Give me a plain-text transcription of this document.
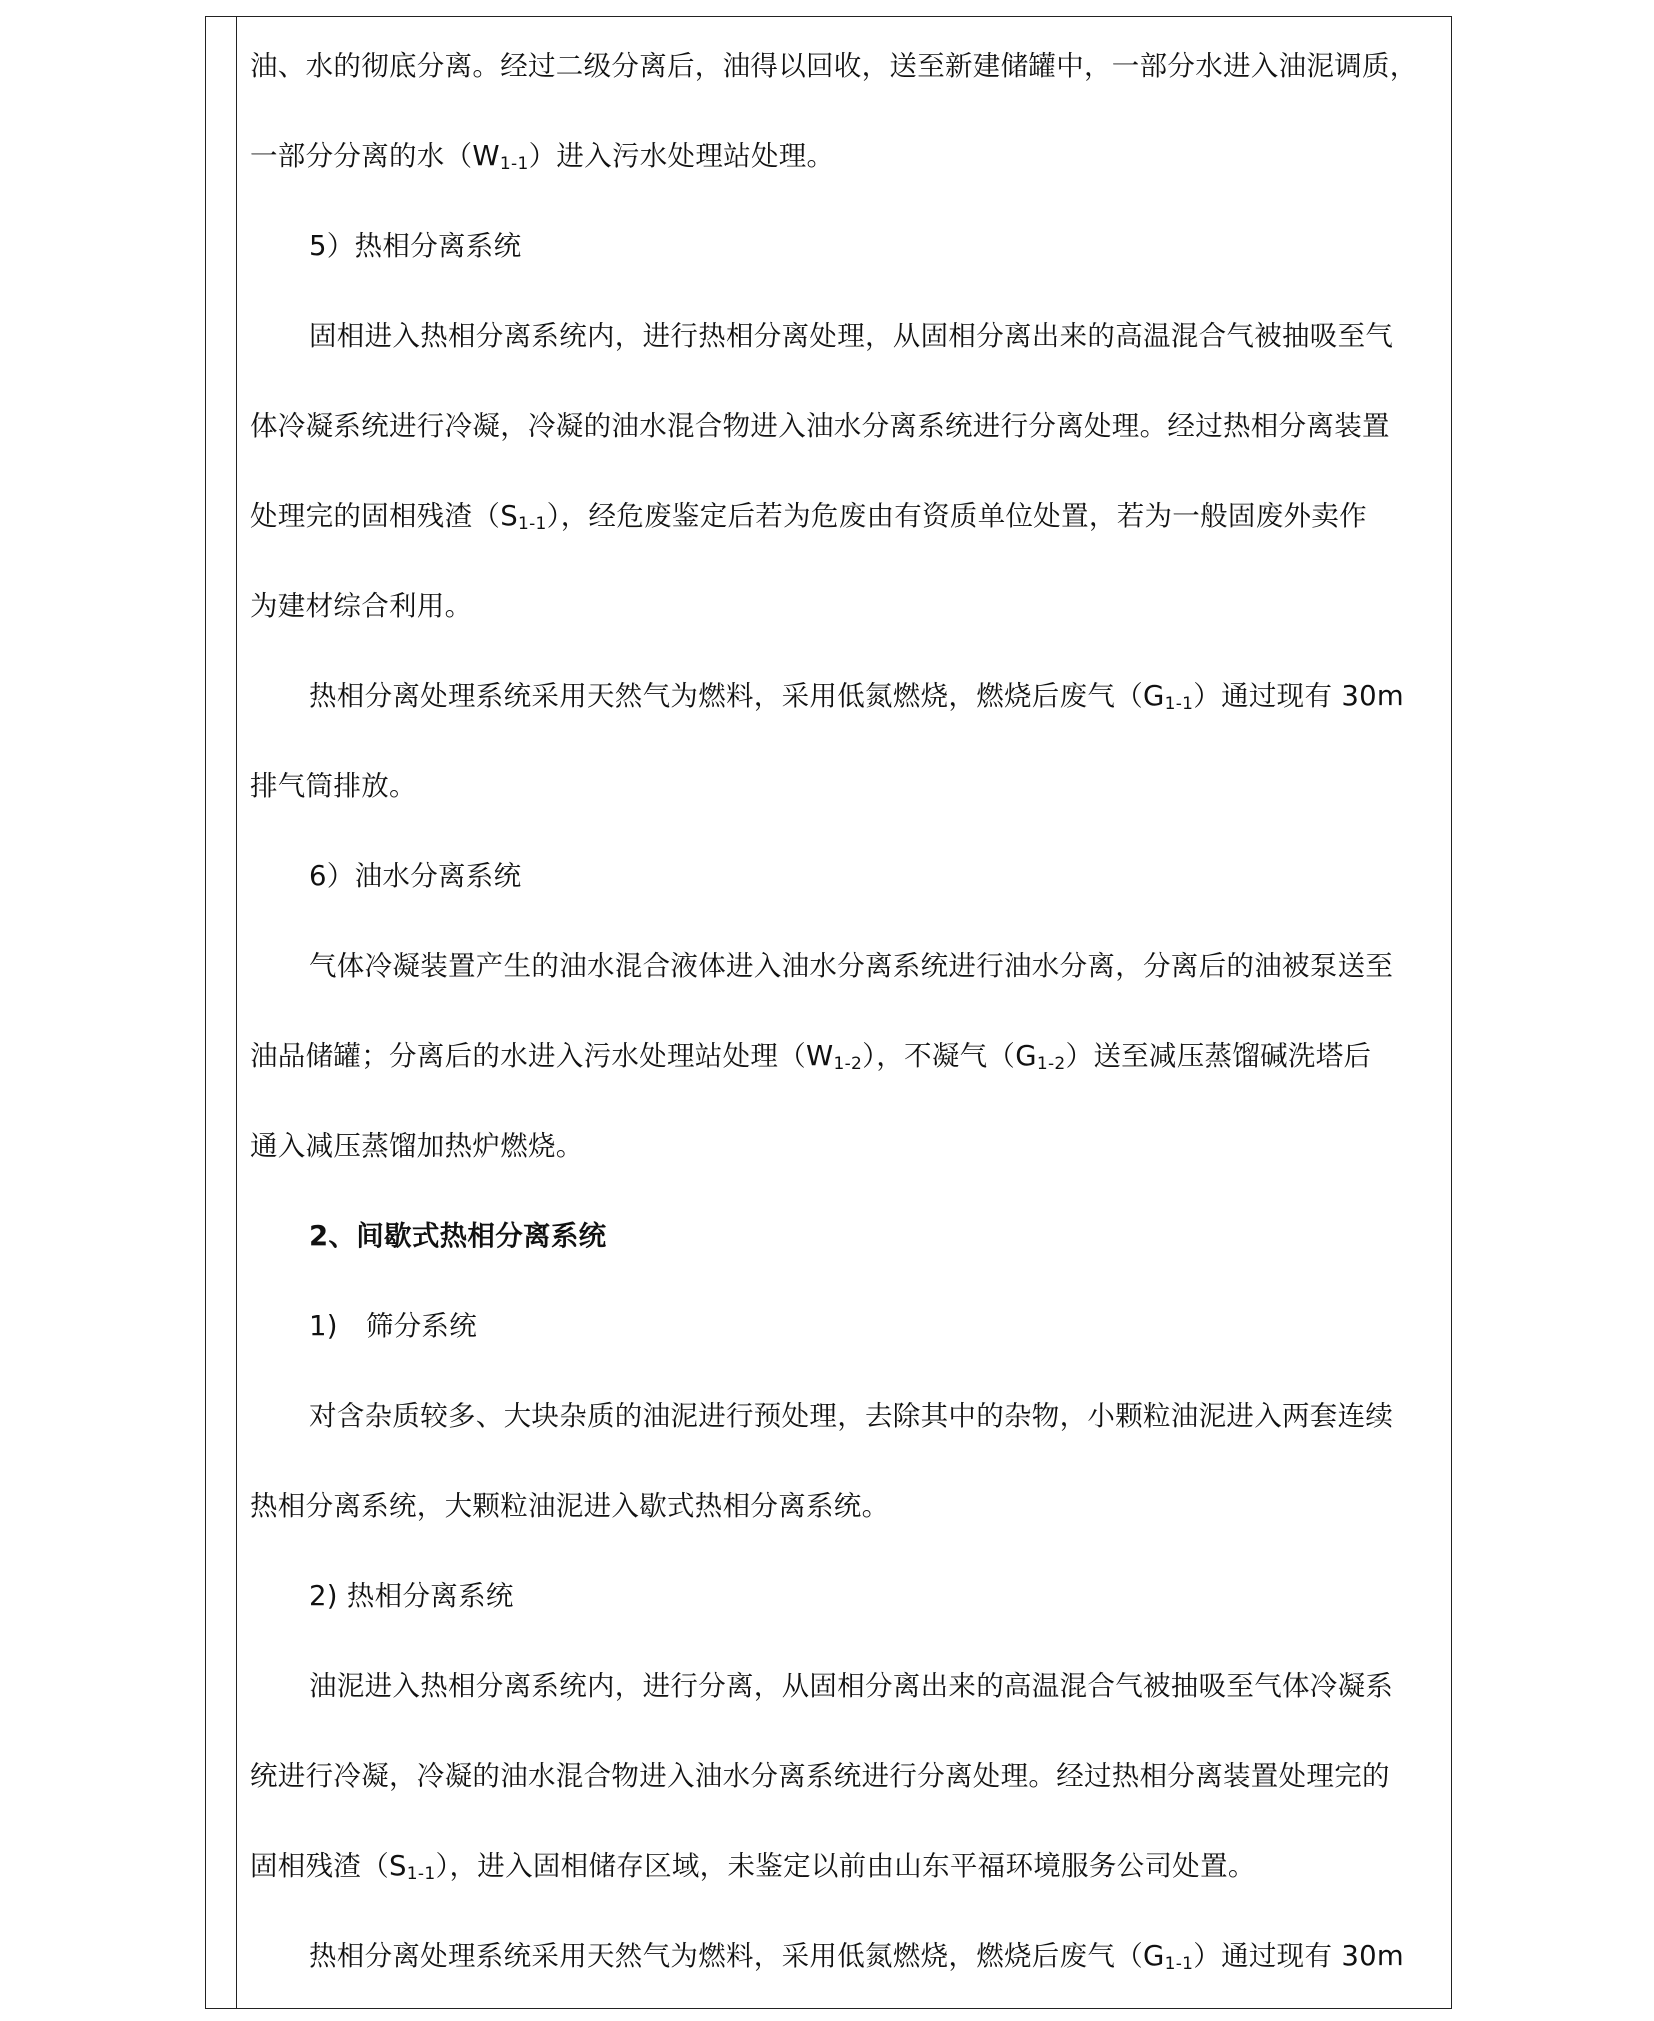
油、水的彻底分离。经过二级分离后，油得以回收，送至新建储罐中，一部分水进入油泥调质，
一部分分离的水$(W_{1-1})$进入污水处理站处理。
5）热相分离系统
固相进入热相分离系统内，进行热相分离处理，从固相分离出来的高温混合气被抽吸至气
体冷凝系统进行冷凝，冷凝的油水混合物进入油水分离系统进行分离处理。经过热相分离装置
处理完的固相残渣$(S_{1-1})$，经危废鉴定后若为危废由有资质单位处置，若为一般固废外卖作
为建材综合利用。
热相分离处理系统采用天然气为燃料，采用低氮燃烧，燃烧后废气$(G_{1-1})$通过现有 30m
排气筒排放。
6）油水分离系统
气体冷凝装置产生的油水混合液体进入油水分离系统进行油水分离，分离后的油被泵送至
油品储罐；分离后的水进入污水处理站处理$(W_{1-2})$，不凝气$(G_{1-2})$送至减压蒸馏碱洗塔后
通入减压蒸馏加热炉燃烧。
2、间歇式热相分离系统
1) 筛分系统
对含杂质较多、大块杂质的油泥进行预处理，去除其中的杂物，小颗粒油泥进入两套连续
热相分离系统，大颗粒油泥进入歇式热相分离系统。
2) 热相分离系统
油泥进入热相分离系统内，进行分离，从固相分离出来的高温混合气被抽吸至气体冷凝系
统进行冷凝，冷凝的油水混合物进入油水分离系统进行分离处理。经过热相分离装置处理完的
固相残渣$(S_{1-1})$，进入固相储存区域，未鉴定以前由山东平福环境服务公司处置。
热相分离处理系统采用天然气为燃料，采用低氮燃烧，燃烧后废气$(G_{1-1})$通过现有 30m
